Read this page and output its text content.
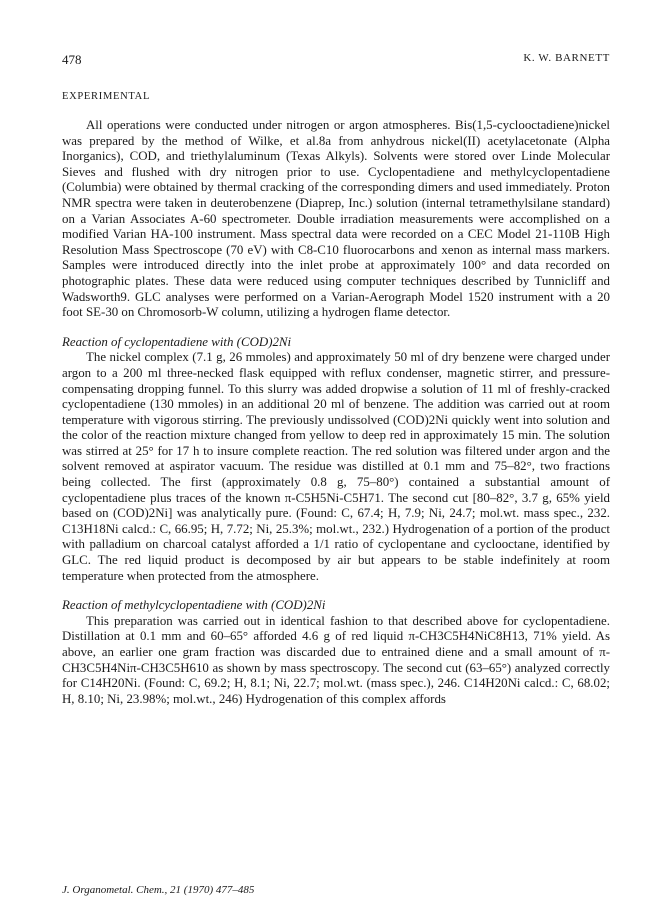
478	K. W. BARNETT
EXPERIMENTAL

All operations were conducted under nitrogen or argon atmospheres. Bis(1,5-cyclooctadiene)nickel was prepared by the method of Wilke, et al.8a from anhydrous nickel(II) acetylacetonate (Alpha Inorganics), COD, and triethylaluminum (Texas Alkyls). Solvents were stored over Linde Molecular Sieves and flushed with dry nitrogen prior to use. Cyclopentadiene and methylcyclopentadiene (Columbia) were obtained by thermal cracking of the corresponding dimers and used immediately. Proton NMR spectra were taken in deuterobenzene (Diaprep, Inc.) solution (internal tetramethylsilane standard) on a Varian Associates A-60 spectrometer. Double irradiation measurements were accomplished on a modified Varian HA-100 instrument. Mass spectral data were recorded on a CEC Model 21-110B High Resolution Mass Spectroscope (70 eV) with C8-C10 fluorocarbons and xenon as internal mass markers. Samples were introduced directly into the inlet probe at approximately 100° and data recorded on photographic plates. These data were reduced using computer techniques described by Tunnicliff and Wadsworth9. GLC analyses were performed on a Varian-Aerograph Model 1520 instrument with a 20 foot SE-30 on Chromosorb-W column, utilizing a hydrogen flame detector.

Reaction of cyclopentadiene with (COD)2Ni

The nickel complex (7.1 g, 26 mmoles) and approximately 50 ml of dry benzene were charged under argon to a 200 ml three-necked flask equipped with reflux condenser, magnetic stirrer, and pressure-compensating dropping funnel. To this slurry was added dropwise a solution of 11 ml of freshly-cracked cyclopentadiene (130 mmoles) in an additional 20 ml of benzene. The addition was carried out at room temperature with vigorous stirring. The previously undissolved (COD)2Ni quickly went into solution and the color of the reaction mixture changed from yellow to deep red in approximately 15 min. The solution was stirred at 25° for 17 h to insure complete reaction. The red solution was filtered under argon and the solvent removed at aspirator vacuum. The residue was distilled at 0.1 mm and 75–82°, two fractions being collected. The first (approximately 0.8 g, 75–80°) contained a substantial amount of cyclopentadiene plus traces of the known π-C5H5Ni-C5H71. The second cut [80–82°, 3.7 g, 65% yield based on (COD)2Ni] was analytically pure. (Found: C, 67.4; H, 7.9; Ni, 24.7; mol.wt. mass spec., 232. C13H18Ni calcd.: C, 66.95; H, 7.72; Ni, 25.3%; mol.wt., 232.) Hydrogenation of a portion of the product with palladium on charcoal catalyst afforded a 1/1 ratio of cyclopentane and cyclooctane, identified by GLC. The red liquid product is decomposed by air but appears to be stable indefinitely at room temperature when protected from the atmosphere.

Reaction of methylcyclopentadiene with (COD)2Ni

This preparation was carried out in identical fashion to that described above for cyclopentadiene. Distillation at 0.1 mm and 60–65° afforded 4.6 g of red liquid π-CH3C5H4NiC8H13, 71% yield. As above, an earlier one gram fraction was discarded due to entrained diene and a small amount of π-CH3C5H4Niπ-CH3C5H610 as shown by mass spectroscopy. The second cut (63–65°) analyzed correctly for C14H20Ni. (Found: C, 69.2; H, 8.1; Ni, 22.7; mol.wt. (mass spec.), 246. C14H20Ni calcd.: C, 68.02; H, 8.10; Ni, 23.98%; mol.wt., 246) Hydrogenation of this complex affords

J. Organometal. Chem., 21 (1970) 477–485
